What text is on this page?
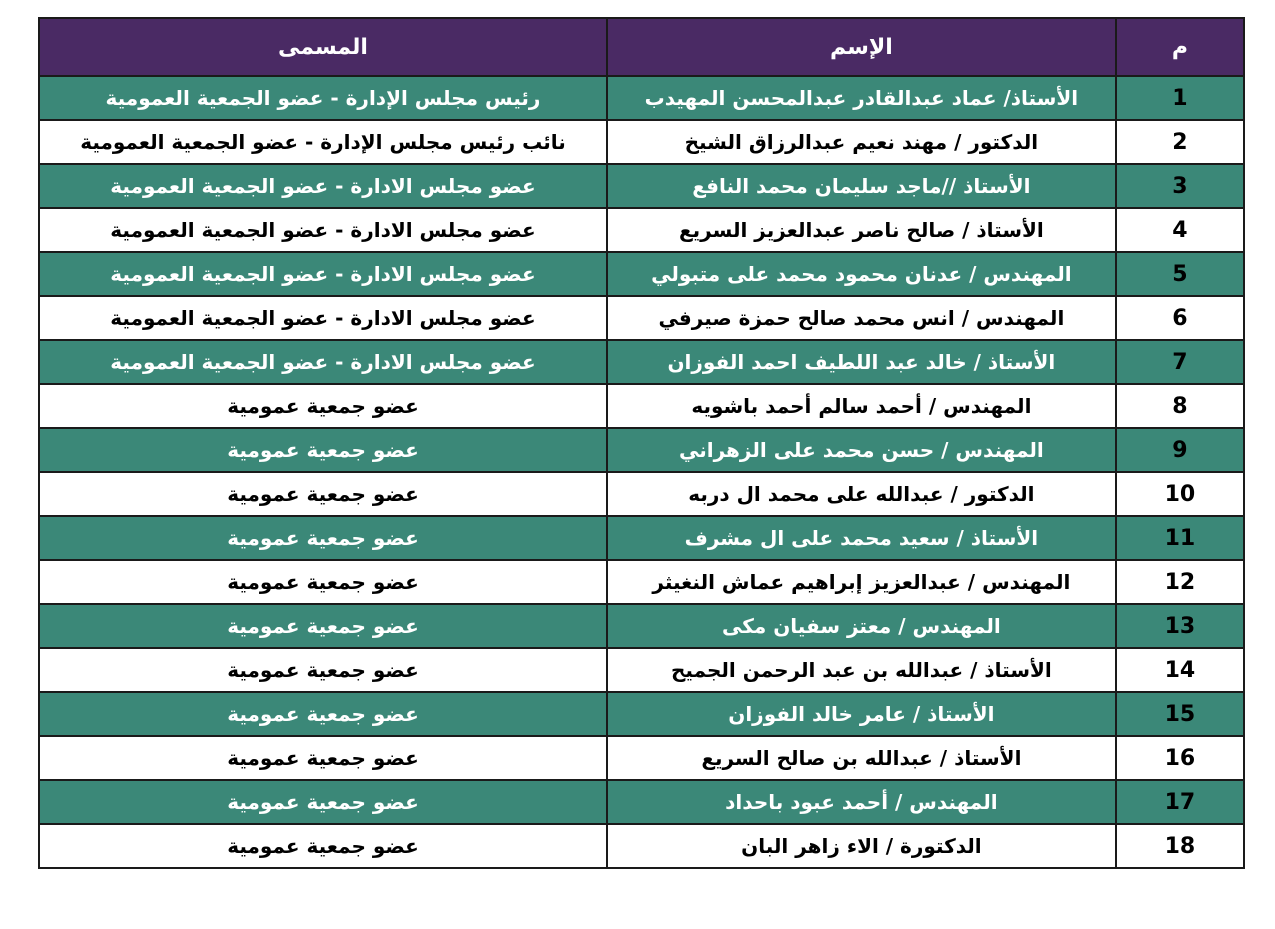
م	الإسم	المسمى
1	الأستاذ/ عماد عبدالقادر عبدالمحسن المهيدب	رئيس مجلس الإدارة - عضو الجمعية العمومية
2	الدكتور / مهند نعيم عبدالرزاق الشيخ	نائب رئيس مجلس الإدارة - عضو الجمعية العمومية
3	الأستاذ //ماجد سليمان محمد النافع	عضو مجلس الادارة - عضو الجمعية العمومية
4	الأستاذ / صالح ناصر عبدالعزيز السريع	عضو مجلس الادارة - عضو الجمعية العمومية
5	المهندس / عدنان محمود محمد على متبولي	عضو مجلس الادارة - عضو الجمعية العمومية
6	المهندس / انس محمد صالح حمزة صيرفي	عضو مجلس الادارة - عضو الجمعية العمومية
7	الأستاذ / خالد عبد اللطيف احمد الفوزان	عضو مجلس الادارة - عضو الجمعية العمومية
8	المهندس / أحمد سالم أحمد باشويه	عضو جمعية عمومية
9	المهندس / حسن محمد على الزهراني	عضو جمعية عمومية
10	الدكتور / عبدالله على محمد ال دربه	عضو جمعية عمومية
11	الأستاذ / سعيد محمد على ال مشرف	عضو جمعية عمومية
12	المهندس / عبدالعزيز إبراهيم عماش النغيثر	عضو جمعية عمومية
13	المهندس / معتز سفيان مكى	عضو جمعية عمومية
14	الأستاذ / عبدالله بن عبد الرحمن الجميح	عضو جمعية عمومية
15	الأستاذ / عامر خالد الفوزان	عضو جمعية عمومية
16	الأستاذ / عبدالله بن صالح السريع	عضو جمعية عمومية
17	المهندس / أحمد عبود باحداد	عضو جمعية عمومية
18	الدكتورة / الاء زاهر البان	عضو جمعية عمومية
